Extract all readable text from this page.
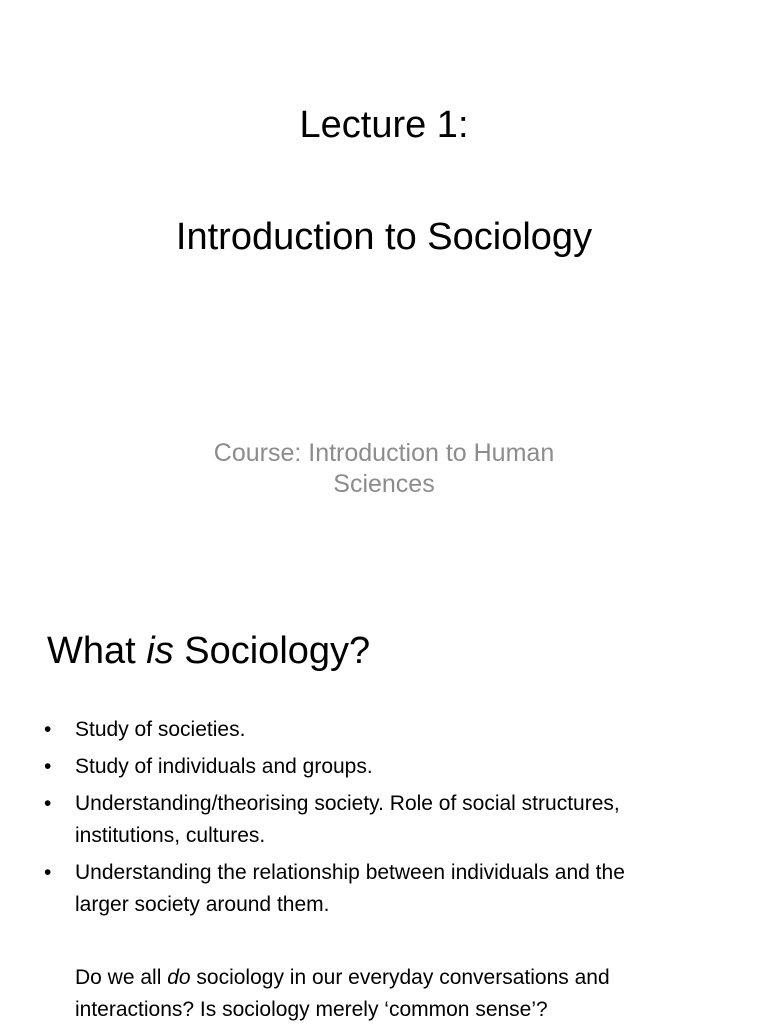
Lecture 1:
Introduction to Sociology
Course: Introduction to Human
Sciences
What is Sociology?
•	Study of societies.
•	Study of individuals and groups.
•	Understanding/theorising society. Role of social structures,
institutions, cultures.
•	Understanding the relationship between individuals and the
larger society around them.

Do we all do sociology in our everyday conversations and
interactions? Is sociology merely ‘common sense’?
